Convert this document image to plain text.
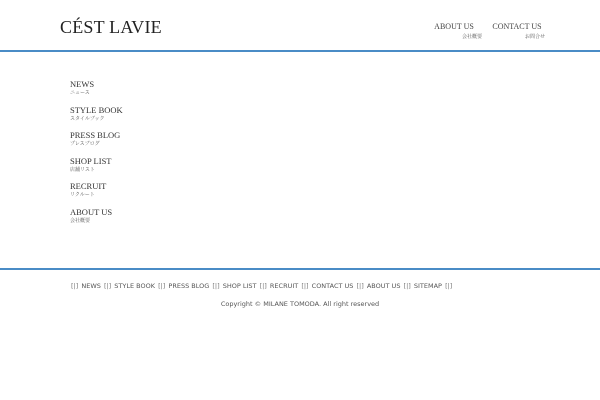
CÉST LAVIE	ABOUT US
会社概要
CONTACT US
お問合せ
NEWS
ニュース
STYLE BOOK
スタイルブック
PRESS BLOG
プレスブログ
SHOP LIST
店舗リスト
RECRUIT
リクルート
ABOUT US
会社概要
[|] NEWS [|] STYLE BOOK [|] PRESS BLOG [|] SHOP LIST [|] RECRUIT [|] CONTACT US [|] ABOUT US [|] SITEMAP [|]
Copyright © MILANE TOMODA. All right reserved
